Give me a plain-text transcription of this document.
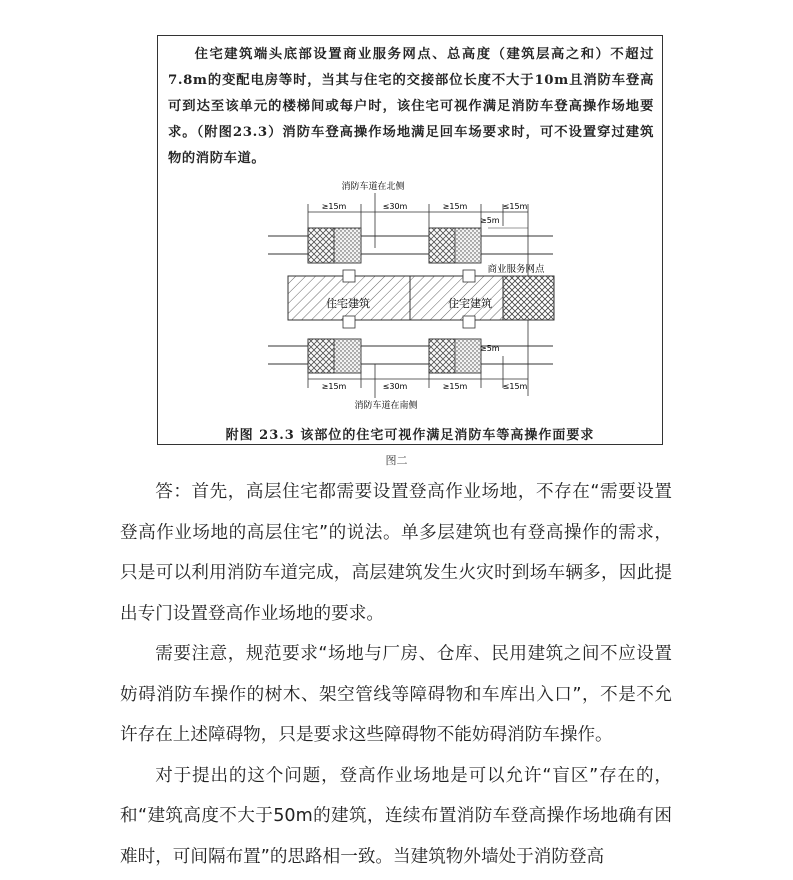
住宅建筑端头底部设置商业服务网点、总高度（建筑层高之和）不超过7.8m的变配电房等时，当其与住宅的交接部位长度不大于10m且消防车登高可到达至该单元的楼梯间或每户时，该住宅可视作满足消防车登高操作场地要求。（附图23.3）消防车登高操作场地满足回车场要求时，可不设置穿过建筑物的消防车道。

消防车道在北侧
≥15m	≤30m	≥15m	≤15m
≥5m
住宅建筑	住宅建筑
商业服务网点
≥15m	≤30m	≥15m	≤15m
≥5m
消防车道在南侧
附图 23.3 该部位的住宅可视作满足消防车等高操作面要求
图二

答：首先，高层住宅都需要设置登高作业场地，不存在“需要设置登高作业场地的高层住宅”的说法。单多层建筑也有登高操作的需求，只是可以利用消防车道完成，高层建筑发生火灾时到场车辆多，因此提出专门设置登高作业场地的要求。

需要注意，规范要求“场地与厂房、仓库、民用建筑之间不应设置妨碍消防车操作的树木、架空管线等障碍物和车库出入口”，不是不允许存在上述障碍物，只是要求这些障碍物不能妨碍消防车操作。

对于提出的这个问题，登高作业场地是可以允许“盲区”存在的，和“建筑高度不大于50m的建筑，连续布置消防车登高操作场地确有困难时，可间隔布置”的思路相一致。当建筑物外墙处于消防登高
